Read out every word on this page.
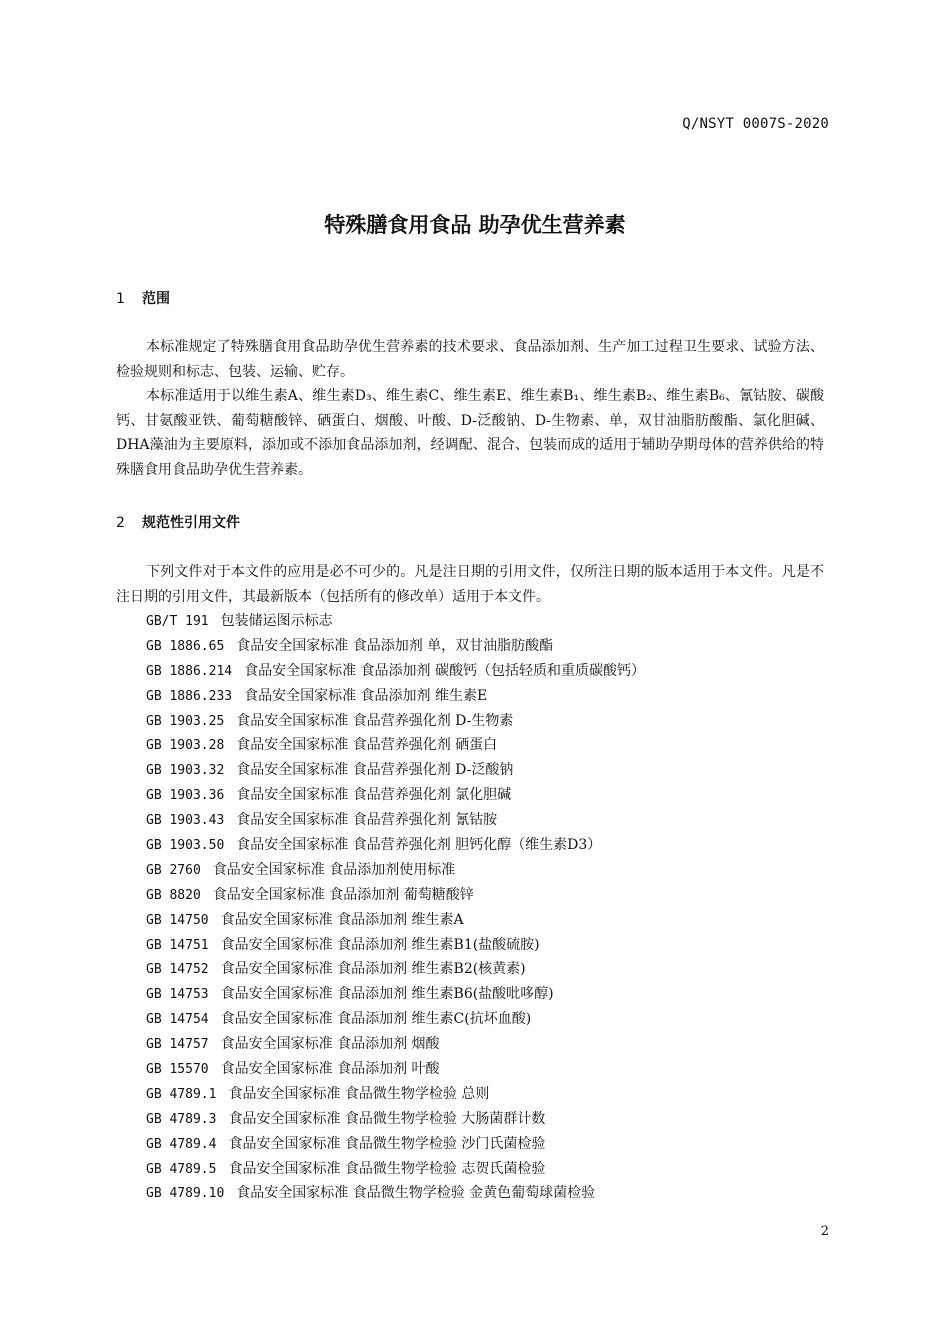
Q/NSYT 0007S-2020
特殊膳食用食品 助孕优生营养素
1 范围

本标准规定了特殊膳食用食品助孕优生营养素的技术要求、食品添加剂、生产加工过程卫生要求、试验方法、检验规则和标志、包装、运输、贮存。

本标准适用于以维生素A、维生素D₃、维生素C、维生素E、维生素B₁、维生素B₂、维生素B₆、氰钴胺、碳酸钙、甘氨酸亚铁、葡萄糖酸锌、硒蛋白、烟酸、叶酸、D-泛酸钠、D-生物素、单，双甘油脂肪酸酯、氯化胆碱、DHA藻油为主要原料，添加或不添加食品添加剂，经调配、混合、包装而成的适用于辅助孕期母体的营养供给的特殊膳食用食品助孕优生营养素。

2 规范性引用文件

下列文件对于本文件的应用是必不可少的。凡是注日期的引用文件，仅所注日期的版本适用于本文件。凡是不注日期的引用文件，其最新版本（包括所有的修改单）适用于本文件。

GB/T 191 包装储运图示标志
GB 1886.65 食品安全国家标准 食品添加剂 单，双甘油脂肪酸酯
GB 1886.214 食品安全国家标准 食品添加剂 碳酸钙（包括轻质和重质碳酸钙）
GB 1886.233 食品安全国家标准 食品添加剂 维生素E
GB 1903.25 食品安全国家标准 食品营养强化剂 D-生物素
GB 1903.28 食品安全国家标准 食品营养强化剂 硒蛋白
GB 1903.32 食品安全国家标准 食品营养强化剂 D-泛酸钠
GB 1903.36 食品安全国家标准 食品营养强化剂 氯化胆碱
GB 1903.43 食品安全国家标准 食品营养强化剂 氰钴胺
GB 1903.50 食品安全国家标准 食品营养强化剂 胆钙化醇（维生素D3）
GB 2760 食品安全国家标准 食品添加剂使用标准
GB 8820 食品安全国家标准 食品添加剂 葡萄糖酸锌
GB 14750 食品安全国家标准 食品添加剂 维生素A
GB 14751 食品安全国家标准 食品添加剂 维生素B1(盐酸硫胺)
GB 14752 食品安全国家标准 食品添加剂 维生素B2(核黄素)
GB 14753 食品安全国家标准 食品添加剂 维生素B6(盐酸吡哆醇)
GB 14754 食品安全国家标准 食品添加剂 维生素C(抗坏血酸)
GB 14757 食品安全国家标准 食品添加剂 烟酸
GB 15570 食品安全国家标准 食品添加剂 叶酸
GB 4789.1 食品安全国家标准 食品微生物学检验 总则
GB 4789.3 食品安全国家标准 食品微生物学检验 大肠菌群计数
GB 4789.4 食品安全国家标准 食品微生物学检验 沙门氏菌检验
GB 4789.5 食品安全国家标准 食品微生物学检验 志贺氏菌检验
GB 4789.10 食品安全国家标准 食品微生物学检验 金黄色葡萄球菌检验
2
